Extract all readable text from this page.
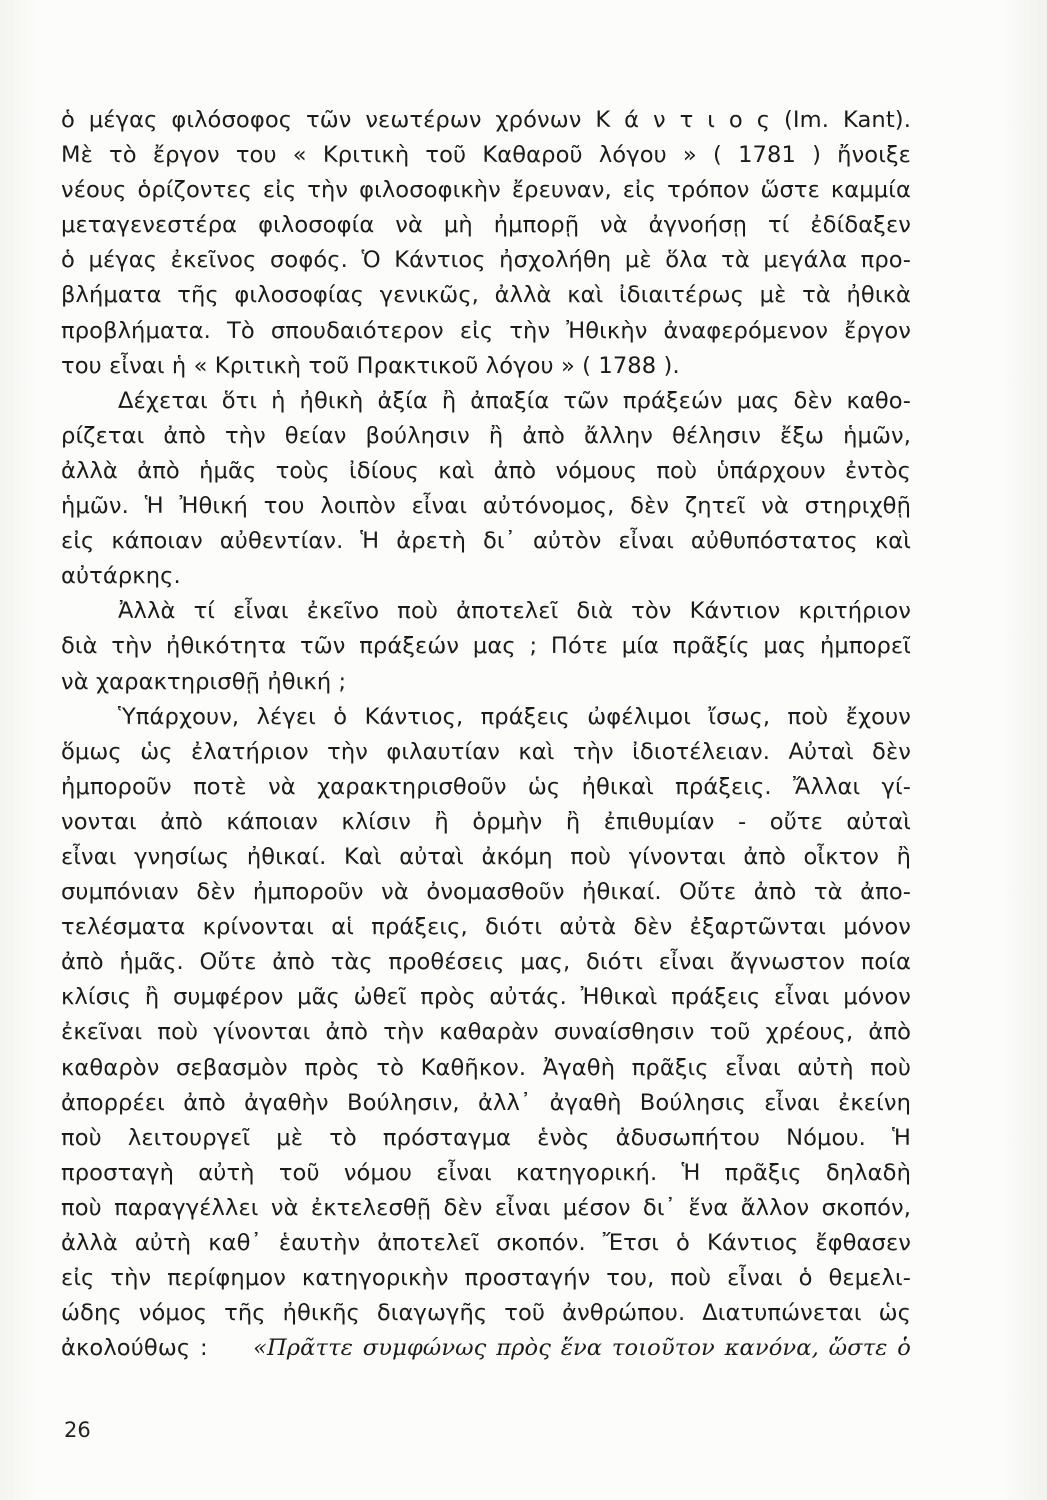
ὁ μέγας φιλόσοφος τῶν νεωτέρων χρόνων Κ ά ν τ ι ο ς (Im. Kant).
Μὲ τὸ ἔργον του « Κριτικὴ τοῦ Καθαροῦ λόγου » ( 1781 ) ἤνοιξε
νέους ὁρίζοντες εἰς τὴν φιλοσοφικὴν ἔρευναν, εἰς τρόπον ὥστε καμμία
μεταγενεστέρα φιλοσοφία νὰ μὴ ἠμπορῇ νὰ ἀγνοήσῃ τί ἐδίδαξεν
ὁ μέγας ἐκεῖνος σοφός. Ὁ Κάντιος ἠσχολήθη μὲ ὅλα τὰ μεγάλα προ-
βλήματα τῆς φιλοσοφίας γενικῶς, ἀλλὰ καὶ ἰδιαιτέρως μὲ τὰ ἠθικὰ
προβλήματα. Τὸ σπουδαιότερον εἰς τὴν Ἠθικὴν ἀναφερόμενον ἔργον
του εἶναι ἡ « Κριτικὴ τοῦ Πρακτικοῦ λόγου » ( 1788 ).
Δέχεται ὅτι ἡ ἠθικὴ ἀξία ἢ ἀπαξία τῶν πράξεών μας δὲν καθο-
ρίζεται ἀπὸ τὴν θείαν βούλησιν ἢ ἀπὸ ἄλλην θέλησιν ἔξω ἡμῶν,
ἀλλὰ ἀπὸ ἡμᾶς τοὺς ἰδίους καὶ ἀπὸ νόμους ποὺ ὑπάρχουν ἐντὸς
ἡμῶν. Ἡ Ἠθική του λοιπὸν εἶναι αὐτόνομος, δὲν ζητεῖ νὰ στηριχθῇ
εἰς κάποιαν αὐθεντίαν. Ἡ ἀρετὴ δι᾽ αὐτὸν εἶναι αὐθυπόστατος καὶ
αὐτάρκης.
Ἀλλὰ τί εἶναι ἐκεῖνο ποὺ ἀποτελεῖ διὰ τὸν Κάντιον κριτήριον
διὰ τὴν ἠθικότητα τῶν πράξεών μας ; Πότε μία πρᾶξίς μας ἠμπορεῖ
νὰ χαρακτηρισθῇ ἠθική ;
Ὑπάρχουν, λέγει ὁ Κάντιος, πράξεις ὠφέλιμοι ἴσως, ποὺ ἔχουν
ὅμως ὡς ἐλατήριον τὴν φιλαυτίαν καὶ τὴν ἰδιοτέλειαν. Αὐταὶ δὲν
ἠμποροῦν ποτὲ νὰ χαρακτηρισθοῦν ὡς ἠθικαὶ πράξεις. Ἄλλαι γί-
νονται ἀπὸ κάποιαν κλίσιν ἢ ὁρμὴν ἢ ἐπιθυμίαν - οὔτε αὐταὶ
εἶναι γνησίως ἠθικαί. Καὶ αὐταὶ ἀκόμη ποὺ γίνονται ἀπὸ οἶκτον ἢ
συμπόνιαν δὲν ἠμποροῦν νὰ ὀνομασθοῦν ἠθικαί. Οὔτε ἀπὸ τὰ ἀπο-
τελέσματα κρίνονται αἱ πράξεις, διότι αὐτὰ δὲν ἐξαρτῶνται μόνον
ἀπὸ ἡμᾶς. Οὔτε ἀπὸ τὰς προθέσεις μας, διότι εἶναι ἄγνωστον ποία
κλίσις ἢ συμφέρον μᾶς ὠθεῖ πρὸς αὐτάς. Ἠθικαὶ πράξεις εἶναι μόνον
ἐκεῖναι ποὺ γίνονται ἀπὸ τὴν καθαρὰν συναίσθησιν τοῦ χρέους, ἀπὸ
καθαρὸν σεβασμὸν πρὸς τὸ Καθῆκον. Ἀγαθὴ πρᾶξις εἶναι αὐτὴ ποὺ
ἀπορρέει ἀπὸ ἀγαθὴν Βούλησιν, ἀλλ᾽ ἀγαθὴ Βούλησις εἶναι ἐκείνη
ποὺ λειτουργεῖ μὲ τὸ πρόσταγμα ἑνὸς ἀδυσωπήτου Νόμου. Ἡ
προσταγὴ αὐτὴ τοῦ νόμου εἶναι κατηγορική. Ἡ πρᾶξις δηλαδὴ
ποὺ παραγγέλλει νὰ ἐκτελεσθῇ δὲν εἶναι μέσον δι᾽ ἕνα ἄλλον σκοπόν,
ἀλλὰ αὐτὴ καθ᾽ ἑαυτὴν ἀποτελεῖ σκοπόν. Ἔτσι ὁ Κάντιος ἔφθασεν
εἰς τὴν περίφημον κατηγορικὴν προσταγήν του, ποὺ εἶναι ὁ θεμελι-
ώδης νόμος τῆς ἠθικῆς διαγωγῆς τοῦ ἀνθρώπου. Διατυπώνεται ὡς
ἀκολούθως :   «Πρᾶττε συμφώνως πρὸς ἕνα τοιοῦτον κανόνα, ὥστε ὁ
26
